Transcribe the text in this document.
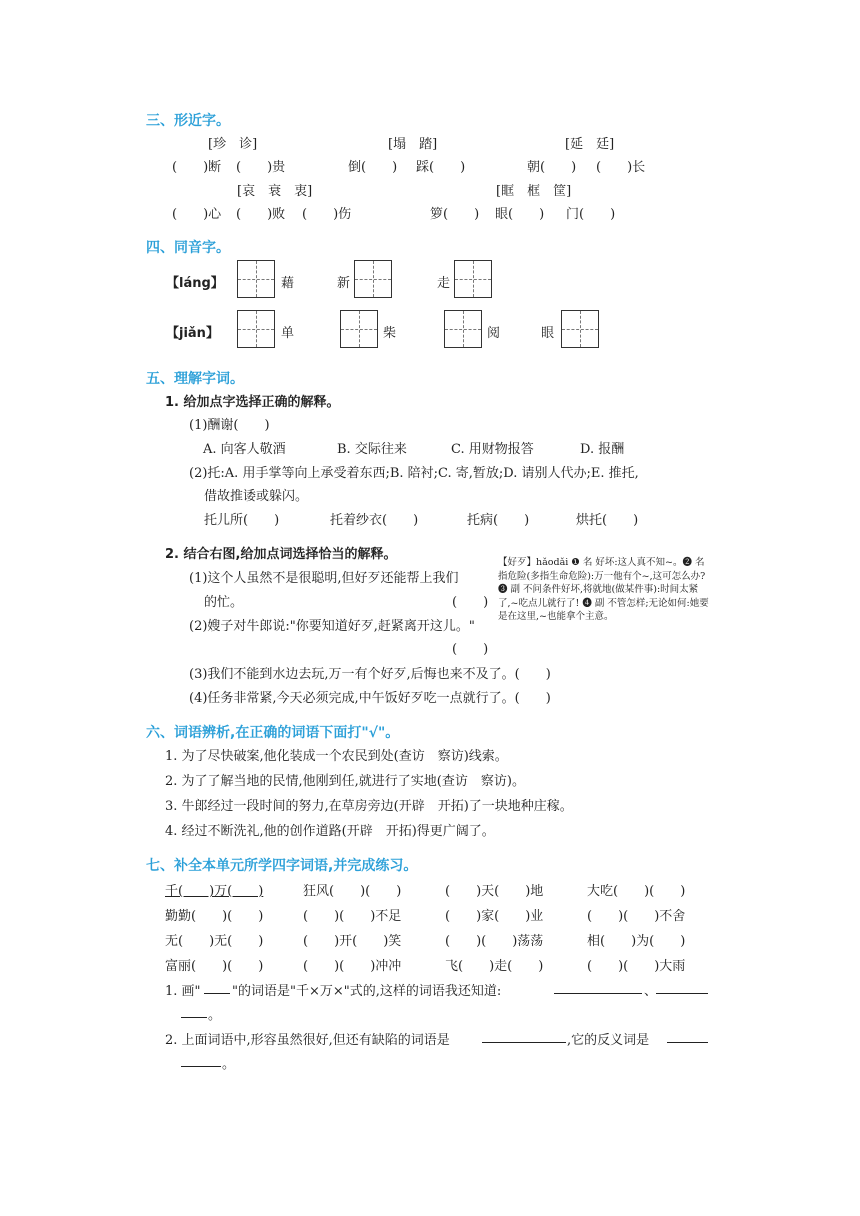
三、形近字。
[珍　诊]	[塌　踏]	[延　廷]
(　　)断 (　　)贵	倒(　　) 踩(　　)	朝(　　) (　　)长
[哀　衰　衷]	[眶　框　筐]
(　　)心 (　　)败 (　　)伤	箩(　　) 眼(　　) 门(　　)
四、同音字。
【láng】	藉	新	走
【jiǎn】	单	柴	阅	眼
五、理解字词。
1. 给加点字选择正确的解释。
(1)酬谢(　　)
A. 向客人敬酒	B. 交际往来	C. 用财物报答	D. 报酬
(2)托:A. 用手掌等向上承受着东西;B. 陪衬;C. 寄,暂放;D. 请别人代办;E. 推托,
借故推诿或躲闪。
托儿所(　　)	托着纱衣(　　)	托病(　　)	烘托(　　)
2. 结合右图,给加点词选择恰当的解释。
(1)这个人虽然不是很聪明,但好歹还能帮上我们
的忙。	(　　)
(2)嫂子对牛郎说:"你要知道好歹,赶紧离开这儿。"
(　　)
(3)我们不能到水边去玩,万一有个好歹,后悔也来不及了。(　　)
(4)任务非常紧,今天必须完成,中午饭好歹吃一点就行了。(　　)
【好歹】hǎodǎi ❶ 名 好坏:这人真不知~。❷ 名 指危险(多指生命危险):万一他有个~,这可怎么办? ❸ 副 不问条件好坏,将就地(做某件事):时间太紧了,~吃点儿就行了! ❹ 副 不管怎样;无论如何:她要是在这里,~也能拿个主意。
六、词语辨析,在正确的词语下面打"√"。
1. 为了尽快破案,他化装成一个农民到处(查访　察访)线索。
2. 为了了解当地的民情,他刚到任,就进行了实地(查访　察访)。
3. 牛郎经过一段时间的努力,在草房旁边(开辟　开拓)了一块地种庄稼。
4. 经过不断洗礼,他的创作道路(开辟　开拓)得更广阔了。
七、补全本单元所学四字词语,并完成练习。
千(　　)万(　　)	狂风(　　)(　　)	(　　)天(　　)地	大吃(　　)(　　)
勤勤(　　)(　　)	(　　)(　　)不足	(　　)家(　　)业	(　　)(　　)不舍
无(　　)无(　　)	(　　)开(　　)笑	(　　)(　　)荡荡	相(　　)为(　　)
富丽(　　)(　　)	(　　)(　　)冲冲	飞(　　)走(　　)	(　　)(　　)大雨
1. 画" "的词语是"千×万×"式的,这样的词语我还知道:	、
。
2. 上面词语中,形容虽然很好,但还有缺陷的词语是	,它的反义词是
。
